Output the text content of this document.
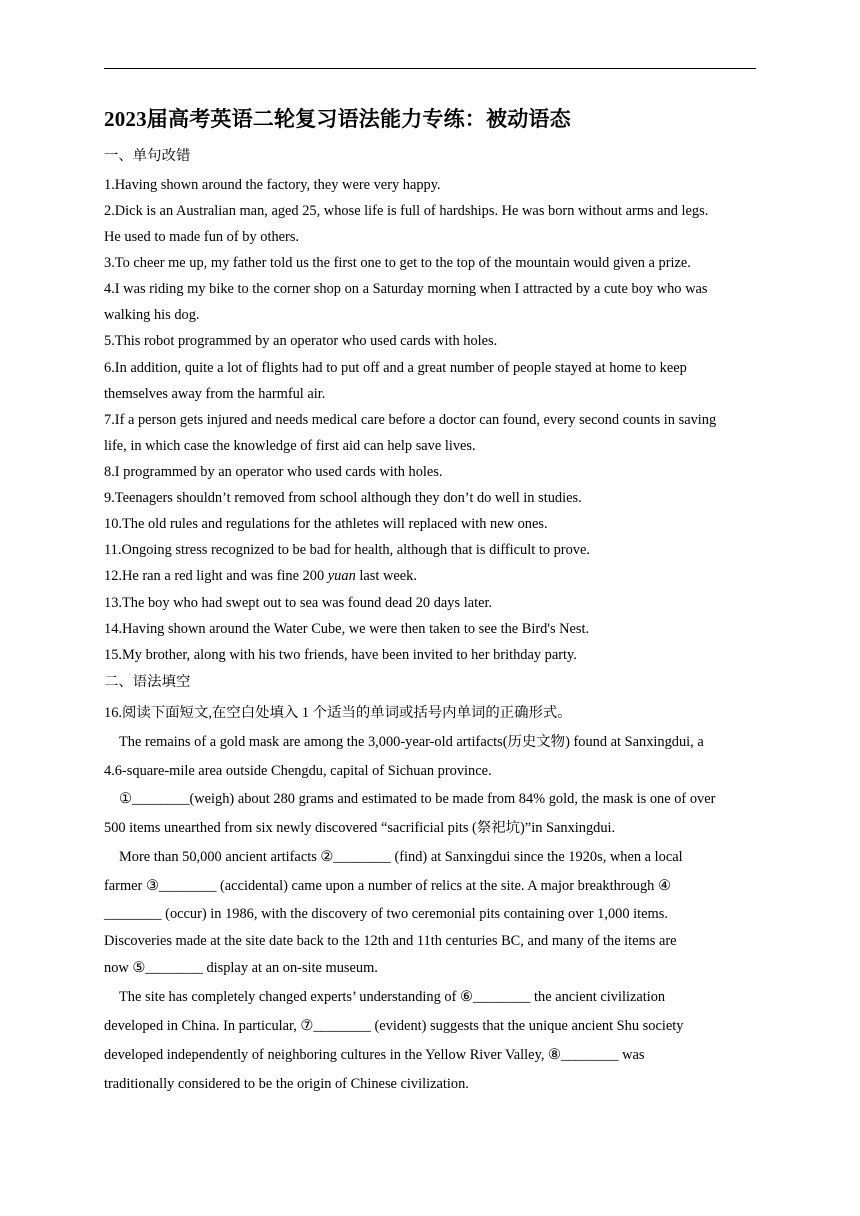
2023届高考英语二轮复习语法能力专练：被动语态
一、单句改错
1.Having shown around the factory, they were very happy.
2.Dick is an Australian man, aged 25, whose life is full of hardships. He was born without arms and legs.
He used to made fun of by others.
3.To cheer me up, my father told us the first one to get to the top of the mountain would given a prize.
4.I was riding my bike to the corner shop on a Saturday morning when I attracted by a cute boy who was
walking his dog.
5.This robot programmed by an operator who used cards with holes.
6.In addition, quite a lot of flights had to put off and a great number of people stayed at home to keep
themselves away from the harmful air.
7.If a person gets injured and needs medical care before a doctor can found, every second counts in saving
life, in which case the knowledge of first aid can help save lives.
8.I programmed by an operator who used cards with holes.
9.Teenagers shouldn’t removed from school although they don’t do well in studies.
10.The old rules and regulations for the athletes will replaced with new ones.
11.Ongoing stress recognized to be bad for health, although that is difficult to prove.
12.He ran a red light and was fine 200 yuan last week.
13.The boy who had swept out to sea was found dead 20 days later.
14.Having shown around the Water Cube, we were then taken to see the Bird's Nest.
15.My brother, along with his two friends, have been invited to her brithday party.
二、语法填空
16.阅读下面短文,在空白处填入 1 个适当的单词或括号内单词的正确形式。
The remains of a gold mask are among the 3,000-year-old artifacts(历史文物) found at Sanxingdui, a
4.6-square-mile area outside Chengdu, capital of Sichuan province.
①________(weigh) about 280 grams and estimated to be made from 84% gold, the mask is one of over
500 items unearthed from six newly discovered “sacrificial pits (祭祀坑)”in Sanxingdui.
More than 50,000 ancient artifacts ②________ (find) at Sanxingdui since the 1920s, when a local
farmer ③________ (accidental) came upon a number of relics at the site. A major breakthrough ④
________ (occur) in 1986, with the discovery of two ceremonial pits containing over 1,000 items.
Discoveries made at the site date back to the 12th and 11th centuries BC, and many of the items are
now ⑤________ display at an on-site museum.
The site has completely changed experts’ understanding of ⑥________ the ancient civilization
developed in China. In particular, ⑦________ (evident) suggests that the unique ancient Shu society
developed independently of neighboring cultures in the Yellow River Valley, ⑧________ was
traditionally considered to be the origin of Chinese civilization.
